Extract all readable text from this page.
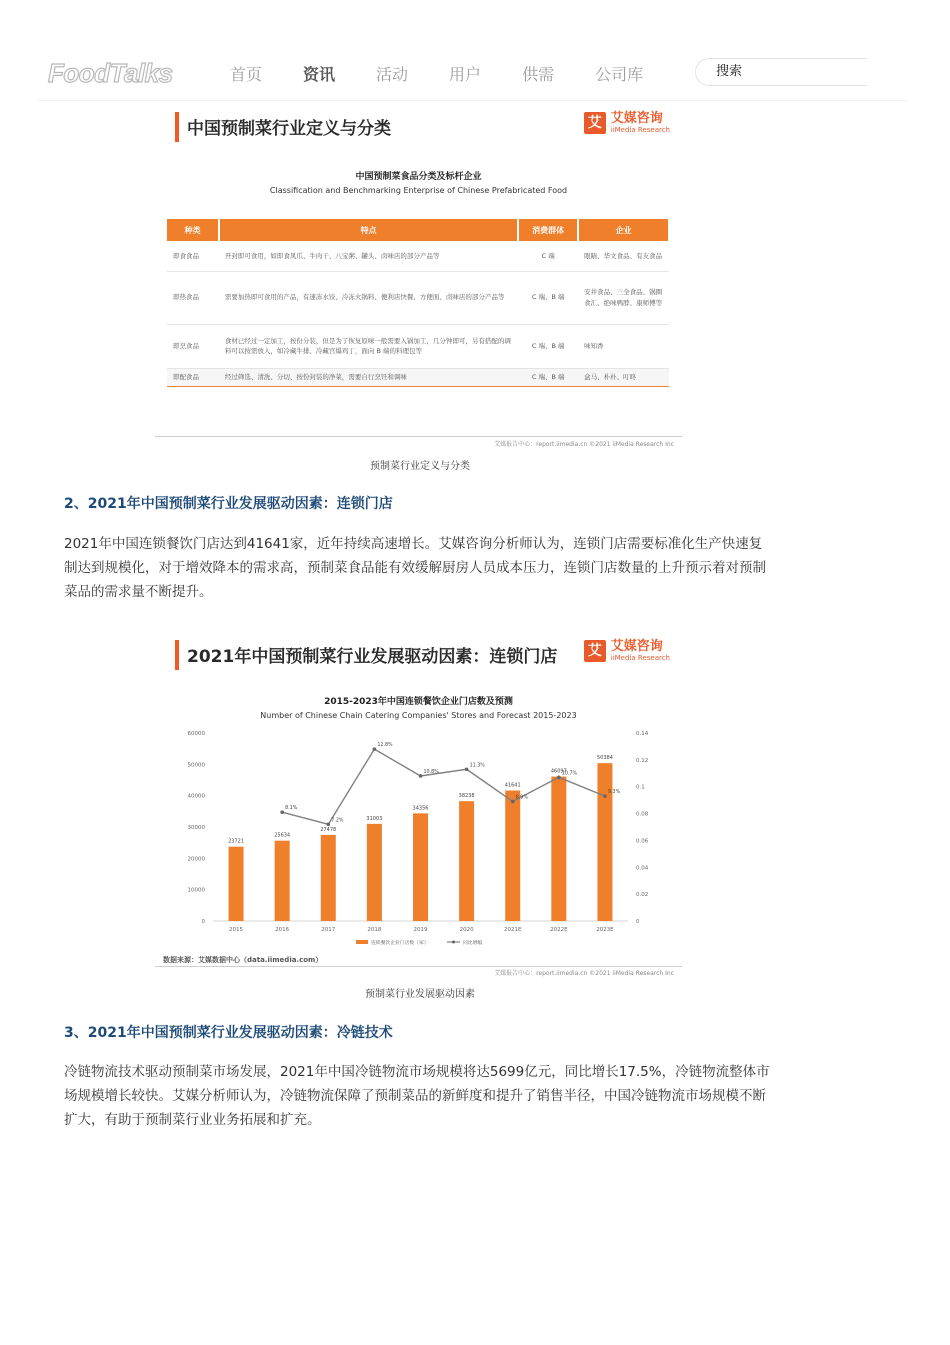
FoodTalks	首页	资讯	活动	用户	供需	公司库
搜索
中国预制菜行业定义与分类	艾 艾媒咨询
iiMedia Research
中国预制菜食品分类及标杆企业
Classification and Benchmarking Enterprise of Chinese Prefabricated Food
种类	特点	消费群体	企业
即食食品	开封即可食用，如即食凤爪、牛肉干、八宝粥、罐头、卤味店的部分产品等	C 端	眼睛、华文食品、有友食品
即热食品	需要加热即可食用的产品，有速冻水饺、冷冻火锅料、便利店快餐、方便面、卤味店的部分产品等	C 端、B 端	安井食品、三全食品、锅圈食汇、绝味鸭脖、康师傅等
即烹食品	食材已经过一定加工，按份分装，但是为了恢复原味一般需要入锅加工，几分钟即可，另有搭配的调料可以按需放入，如冷藏牛排、冷藏宫爆鸡丁，面向 B 端的料理包等	C 端、B 端	味知香
即配食品	经过筛选、清洗、分切、按份封装的净菜，需要自行烹饪和调味	C 端、B 端	盒马、朴朴、叮咚
艾媒报告中心：report.iimedia.cn ©2021 iiMedia Research Inc
预制菜行业定义与分类
2、2021年中国预制菜行业发展驱动因素：连锁门店
2021年中国连锁餐饮门店达到41641家，近年持续高速增长。艾媒咨询分析师认为，连锁门店需要标准化生产快速复制达到规模化，对于增效降本的需求高，预制菜食品能有效缓解厨房人员成本压力，连锁门店数量的上升预示着对预制菜品的需求量不断提升。
2021年中国预制菜行业发展驱动因素：连锁门店 艾 艾媒咨询
iiMedia Research
2015-2023年中国连锁餐饮企业门店数及预测
Number of Chinese Chain Catering Companies' Stores and Forecast 2015-2023
0
10000
20000
30000
40000
50000
60000
0
0.02
0.04
0.06
0.08
0.1
0.12
0.14
23721
2015
25634
2016
27478
2017
31003
2018
34356
2019
38238
2020
41641
2021E
46097
2022E
50384
2023E
8.1%
7.2%
12.8%
10.8%
11.3%
8.9%
10.7%
9.3%
连锁餐饮企业门店数（家）	同比增幅
数据来源：艾媒数据中心（data.iimedia.com）
艾媒报告中心：report.iimedia.cn ©2021 iiMedia Research Inc
预制菜行业发展驱动因素
3、2021年中国预制菜行业发展驱动因素：冷链技术
冷链物流技术驱动预制菜市场发展，2021年中国冷链物流市场规模将达5699亿元，同比增长17.5%，冷链物流整体市场规模增长较快。艾媒分析师认为，冷链物流保障了预制菜品的新鲜度和提升了销售半径，中国冷链物流市场规模不断扩大，有助于预制菜行业业务拓展和扩充。
